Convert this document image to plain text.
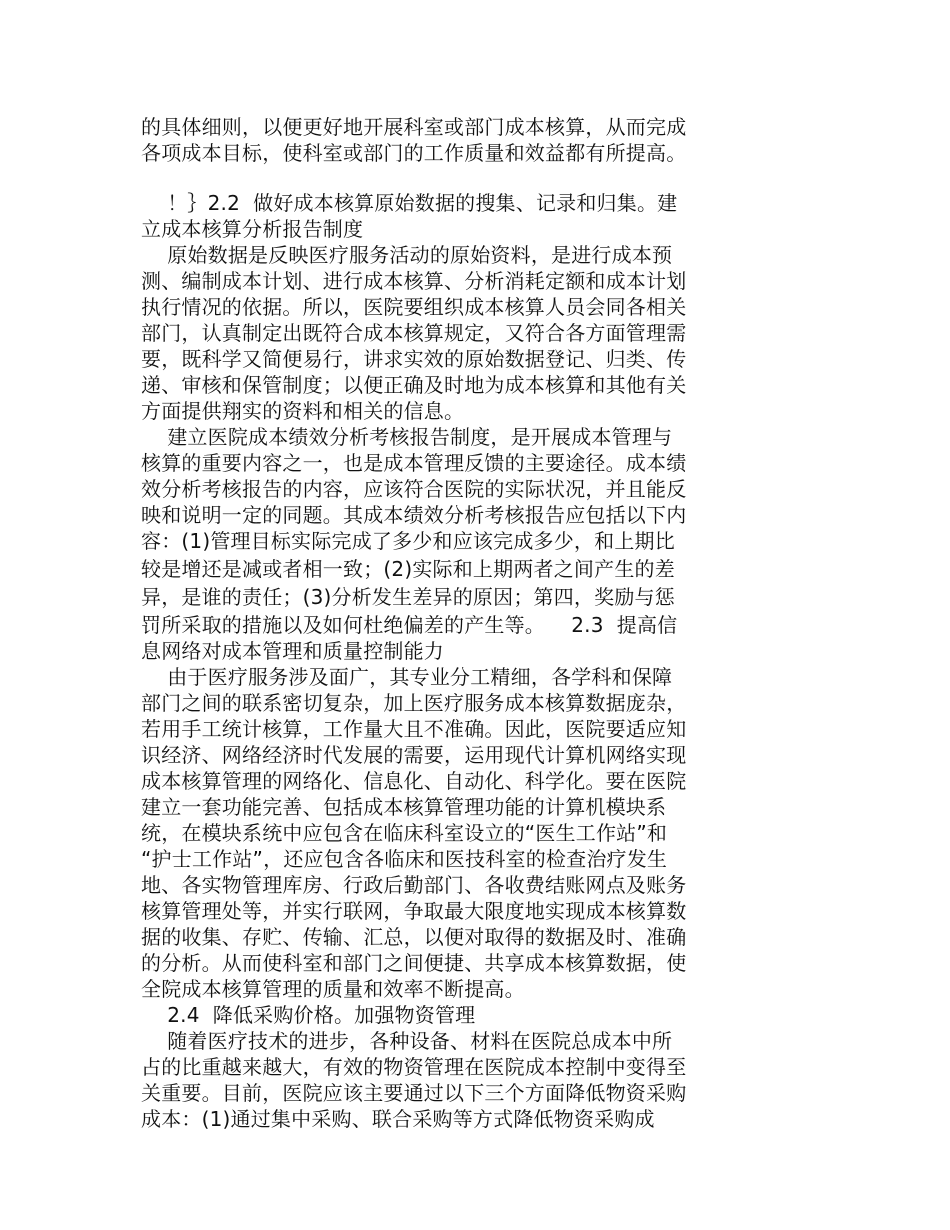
的具体细则，以便更好地开展科室或部门成本核算，从而完成
各项成本目标，使科室或部门的工作质量和效益都有所提高。
！｝2.2  做好成本核算原始数据的搜集、记录和归集。建
立成本核算分析报告制度
原始数据是反映医疗服务活动的原始资料，是进行成本预
测、编制成本计划、进行成本核算、分析消耗定额和成本计划
执行情况的依据。所以，医院要组织成本核算人员会同各相关
部门，认真制定出既符合成本核算规定，又符合各方面管理需
要，既科学又简便易行，讲求实效的原始数据登记、归类、传
递、审核和保管制度；以便正确及时地为成本核算和其他有关
方面提供翔实的资料和相关的信息。
建立医院成本绩效分析考核报告制度，是开展成本管理与
核算的重要内容之一，也是成本管理反馈的主要途径。成本绩
效分析考核报告的内容，应该符合医院的实际状况，并且能反
映和说明一定的同题。其成本绩效分析考核报告应包括以下内
容：(1)管理目标实际完成了多少和应该完成多少，和上期比
较是增还是减或者相一致；(2)实际和上期两者之间产生的差
异，是谁的责任；(3)分析发生差异的原因；第四，奖励与惩
罚所采取的措施以及如何杜绝偏差的产生等。    2.3  提高信
息网络对成本管理和质量控制能力
由于医疗服务涉及面广，其专业分工精细，各学科和保障
部门之间的联系密切复杂，加上医疗服务成本核算数据庞杂，
若用手工统计核算，工作量大且不准确。因此，医院要适应知
识经济、网络经济时代发展的需要，运用现代计算机网络实现
成本核算管理的网络化、信息化、自动化、科学化。要在医院
建立一套功能完善、包括成本核算管理功能的计算机模块系
统，在模块系统中应包含在临床科室设立的“医生工作站”和
“护士工作站”，还应包含各临床和医技科室的检查治疗发生
地、各实物管理库房、行政后勤部门、各收费结账网点及账务
核算管理处等，并实行联网，争取最大限度地实现成本核算数
据的收集、存贮、传输、汇总，以便对取得的数据及时、准确
的分析。从而使科室和部门之间便捷、共享成本核算数据，使
全院成本核算管理的质量和效率不断提高。
2.4  降低采购价格。加强物资管理
随着医疗技术的进步，各种设备、材料在医院总成本中所
占的比重越来越大，有效的物资管理在医院成本控制中变得至
关重要。目前，医院应该主要通过以下三个方面降低物资采购
成本：(1)通过集中采购、联合采购等方式降低物资采购成
